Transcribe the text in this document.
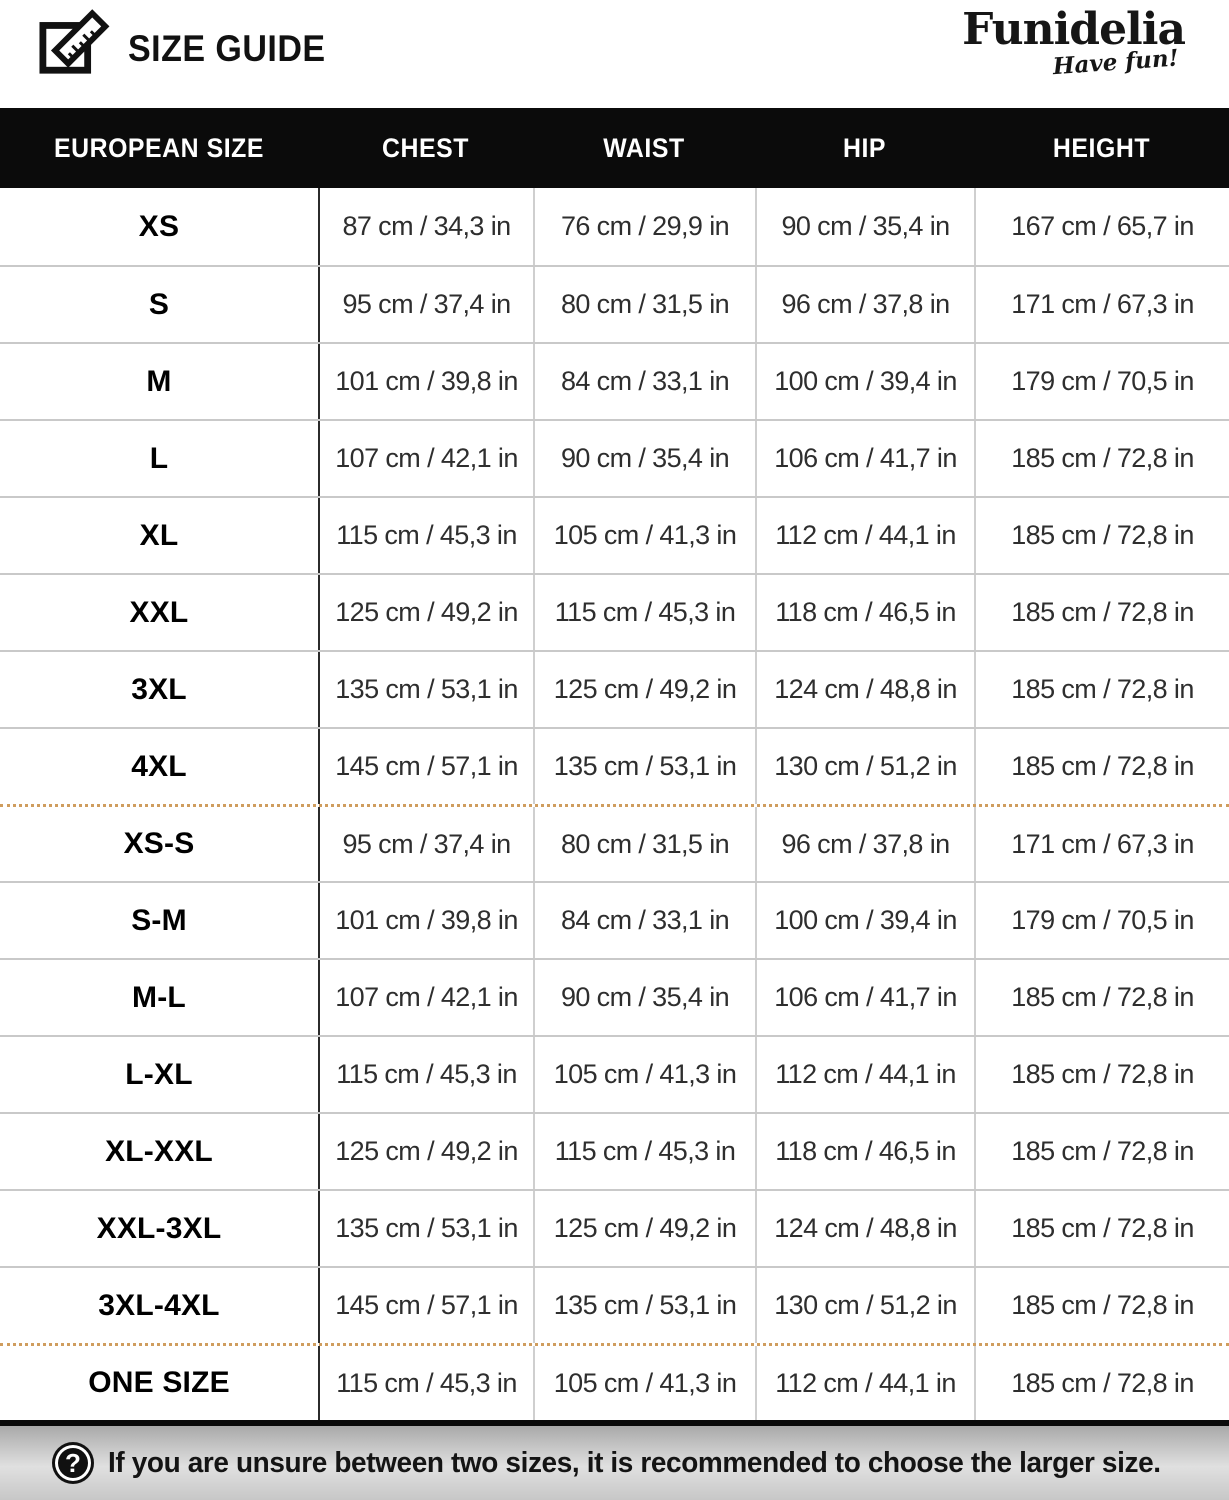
SIZE GUIDE	Funidelia
Have fun!
EUROPEAN SIZE	CHEST	WAIST	HIP	HEIGHT
XS	87 cm / 34,3 in	76 cm / 29,9 in	90 cm / 35,4 in	167 cm / 65,7 in
S	95 cm / 37,4 in	80 cm / 31,5 in	96 cm / 37,8 in	171 cm / 67,3 in
M	101 cm / 39,8 in	84 cm / 33,1 in	100 cm / 39,4 in	179 cm / 70,5 in
L	107 cm / 42,1 in	90 cm / 35,4 in	106 cm / 41,7 in	185 cm / 72,8 in
XL	115 cm / 45,3 in	105 cm / 41,3 in	112 cm / 44,1 in	185 cm / 72,8 in
XXL	125 cm / 49,2 in	115 cm / 45,3 in	118 cm / 46,5 in	185 cm / 72,8 in
3XL	135 cm / 53,1 in	125 cm / 49,2 in	124 cm / 48,8 in	185 cm / 72,8 in
4XL	145 cm / 57,1 in	135 cm / 53,1 in	130 cm / 51,2 in	185 cm / 72,8 in
XS-S	95 cm / 37,4 in	80 cm / 31,5 in	96 cm / 37,8 in	171 cm / 67,3 in
S-M	101 cm / 39,8 in	84 cm / 33,1 in	100 cm / 39,4 in	179 cm / 70,5 in
M-L	107 cm / 42,1 in	90 cm / 35,4 in	106 cm / 41,7 in	185 cm / 72,8 in
L-XL	115 cm / 45,3 in	105 cm / 41,3 in	112 cm / 44,1 in	185 cm / 72,8 in
XL-XXL	125 cm / 49,2 in	115 cm / 45,3 in	118 cm / 46,5 in	185 cm / 72,8 in
XXL-3XL	135 cm / 53,1 in	125 cm / 49,2 in	124 cm / 48,8 in	185 cm / 72,8 in
3XL-4XL	145 cm / 57,1 in	135 cm / 53,1 in	130 cm / 51,2 in	185 cm / 72,8 in
ONE SIZE	115 cm / 45,3 in	105 cm / 41,3 in	112 cm / 44,1 in	185 cm / 72,8 in
? If you are unsure between two sizes, it is recommended to choose the larger size.
